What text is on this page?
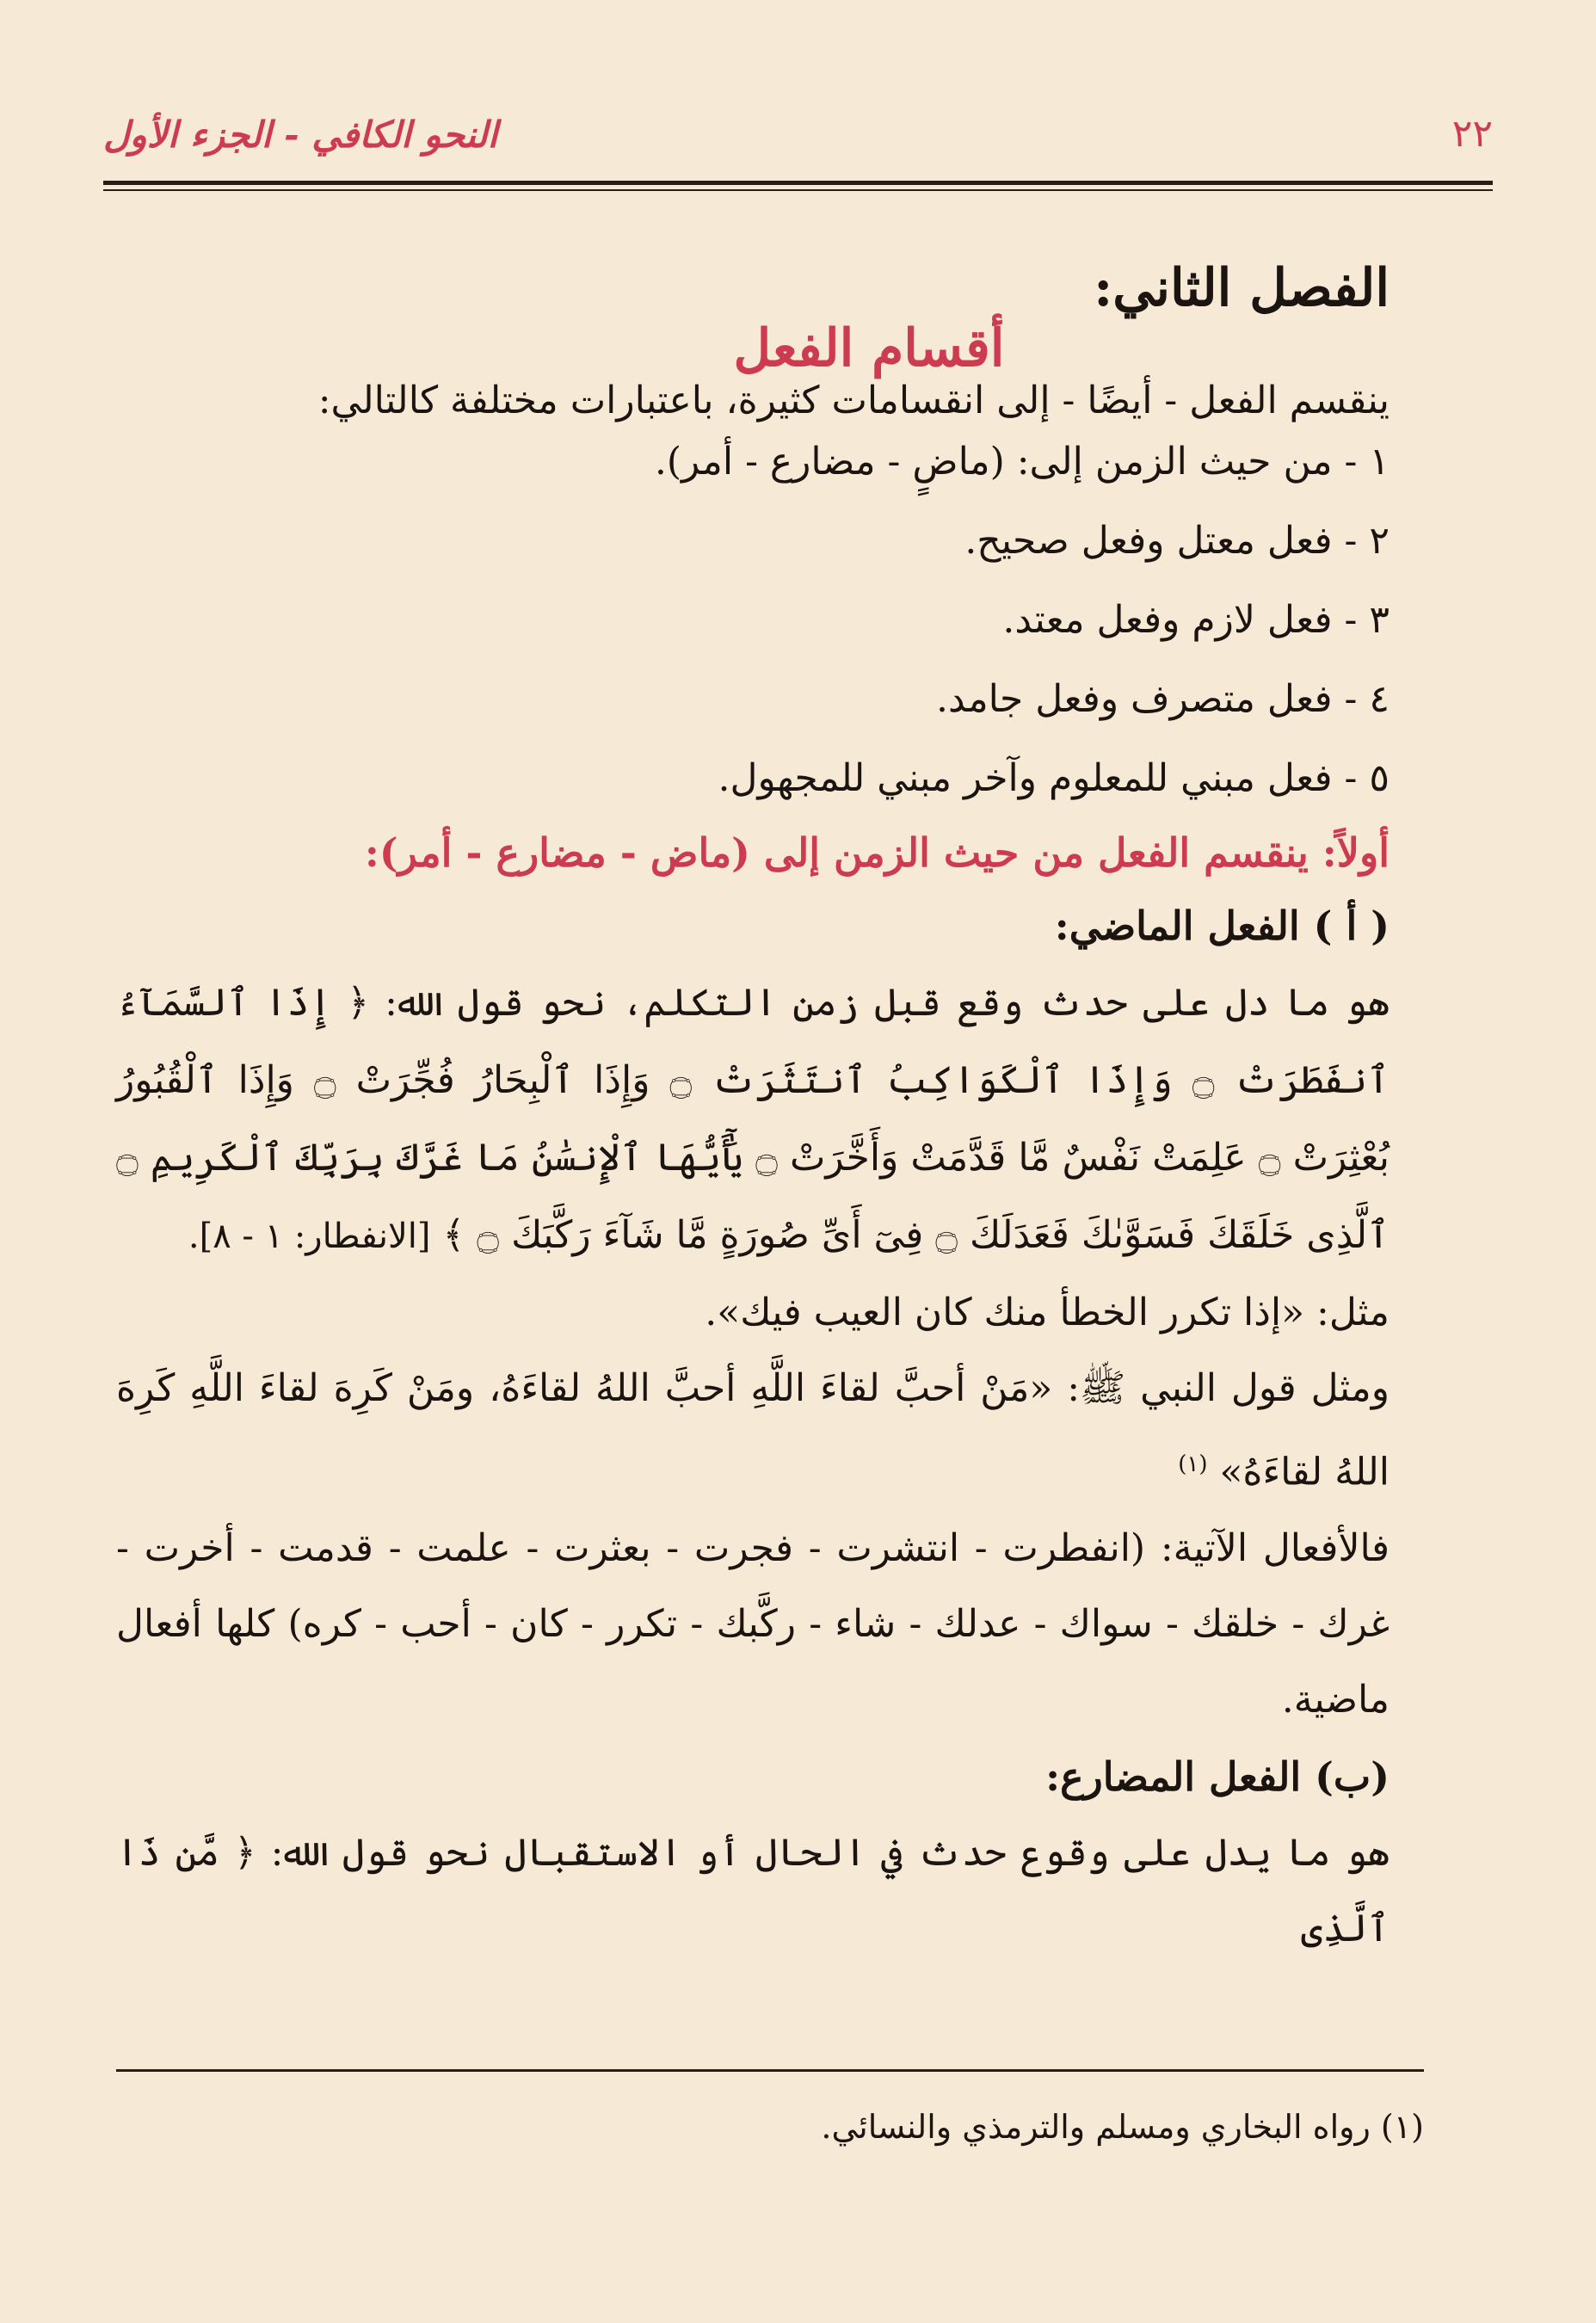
٢٢
النحو الكافي - الجزء الأول
الفصل الثاني:
أقسام الفعل

ينقسم الفعل - أيضًا - إلى انقسامات كثيرة، باعتبارات مختلفة كالتالي:

١ - من حيث الزمن إلى: (ماضٍ - مضارع - أمر).
٢ - فعل معتل وفعل صحيح.
٣ - فعل لازم وفعل معتد.
٤ - فعل متصرف وفعل جامد.
٥ - فعل مبني للمعلوم وآخر مبني للمجهول.
أولاً: ينقسم الفعل من حيث الزمن إلى (ماض - مضارع - أمر):
( أ ) الفعل الماضي:

هو ما دل على حدث وقع قبل زمن التكلم، نحو قول الله: ﴿ إِذَا ٱلسَّمَآءُ ٱنفَطَرَتْ ۝ وَإِذَا ٱلْكَوَاكِبُ ٱنتَثَرَتْ ۝ وَإِذَا ٱلْبِحَارُ فُجِّرَتْ ۝ وَإِذَا ٱلْقُبُورُ بُعْثِرَتْ ۝ عَلِمَتْ نَفْسٌ مَّا قَدَّمَتْ وَأَخَّرَتْ ۝ يَٰٓأَيُّهَا ٱلْإِنسَٰنُ مَا غَرَّكَ بِرَبِّكَ ٱلْكَرِيمِ ۝ ٱلَّذِى خَلَقَكَ فَسَوَّىٰكَ فَعَدَلَكَ ۝ فِىٓ أَىِّ صُورَةٍ مَّا شَآءَ رَكَّبَكَ ۝ ﴾ [الانفطار: ١ - ٨].

مثل: «إذا تكرر الخطأ منك كان العيب فيك».

ومثل قول النبي ﷺ: «مَنْ أحبَّ لقاءَ اللَّهِ أحبَّ اللهُ لقاءَهُ، ومَنْ كَرِهَ لقاءَ اللَّهِ كَرِهَ اللهُ لقاءَهُ» $^{(١)}$

فالأفعال الآتية: (انفطرت - انتشرت - فجرت - بعثرت - علمت - قدمت - أخرت - غرك - خلقك - سواك - عدلك - شاء - ركَّبك - تكرر - كان - أحب - كره) كلها أفعال ماضية.

(ب) الفعل المضارع:

هو ما يدل على وقوع حدث في الحال أو الاستقبال نحو قول الله: ﴿ مَّن ذَا ٱلَّذِى

(١) رواه البخاري ومسلم والترمذي والنسائي.
